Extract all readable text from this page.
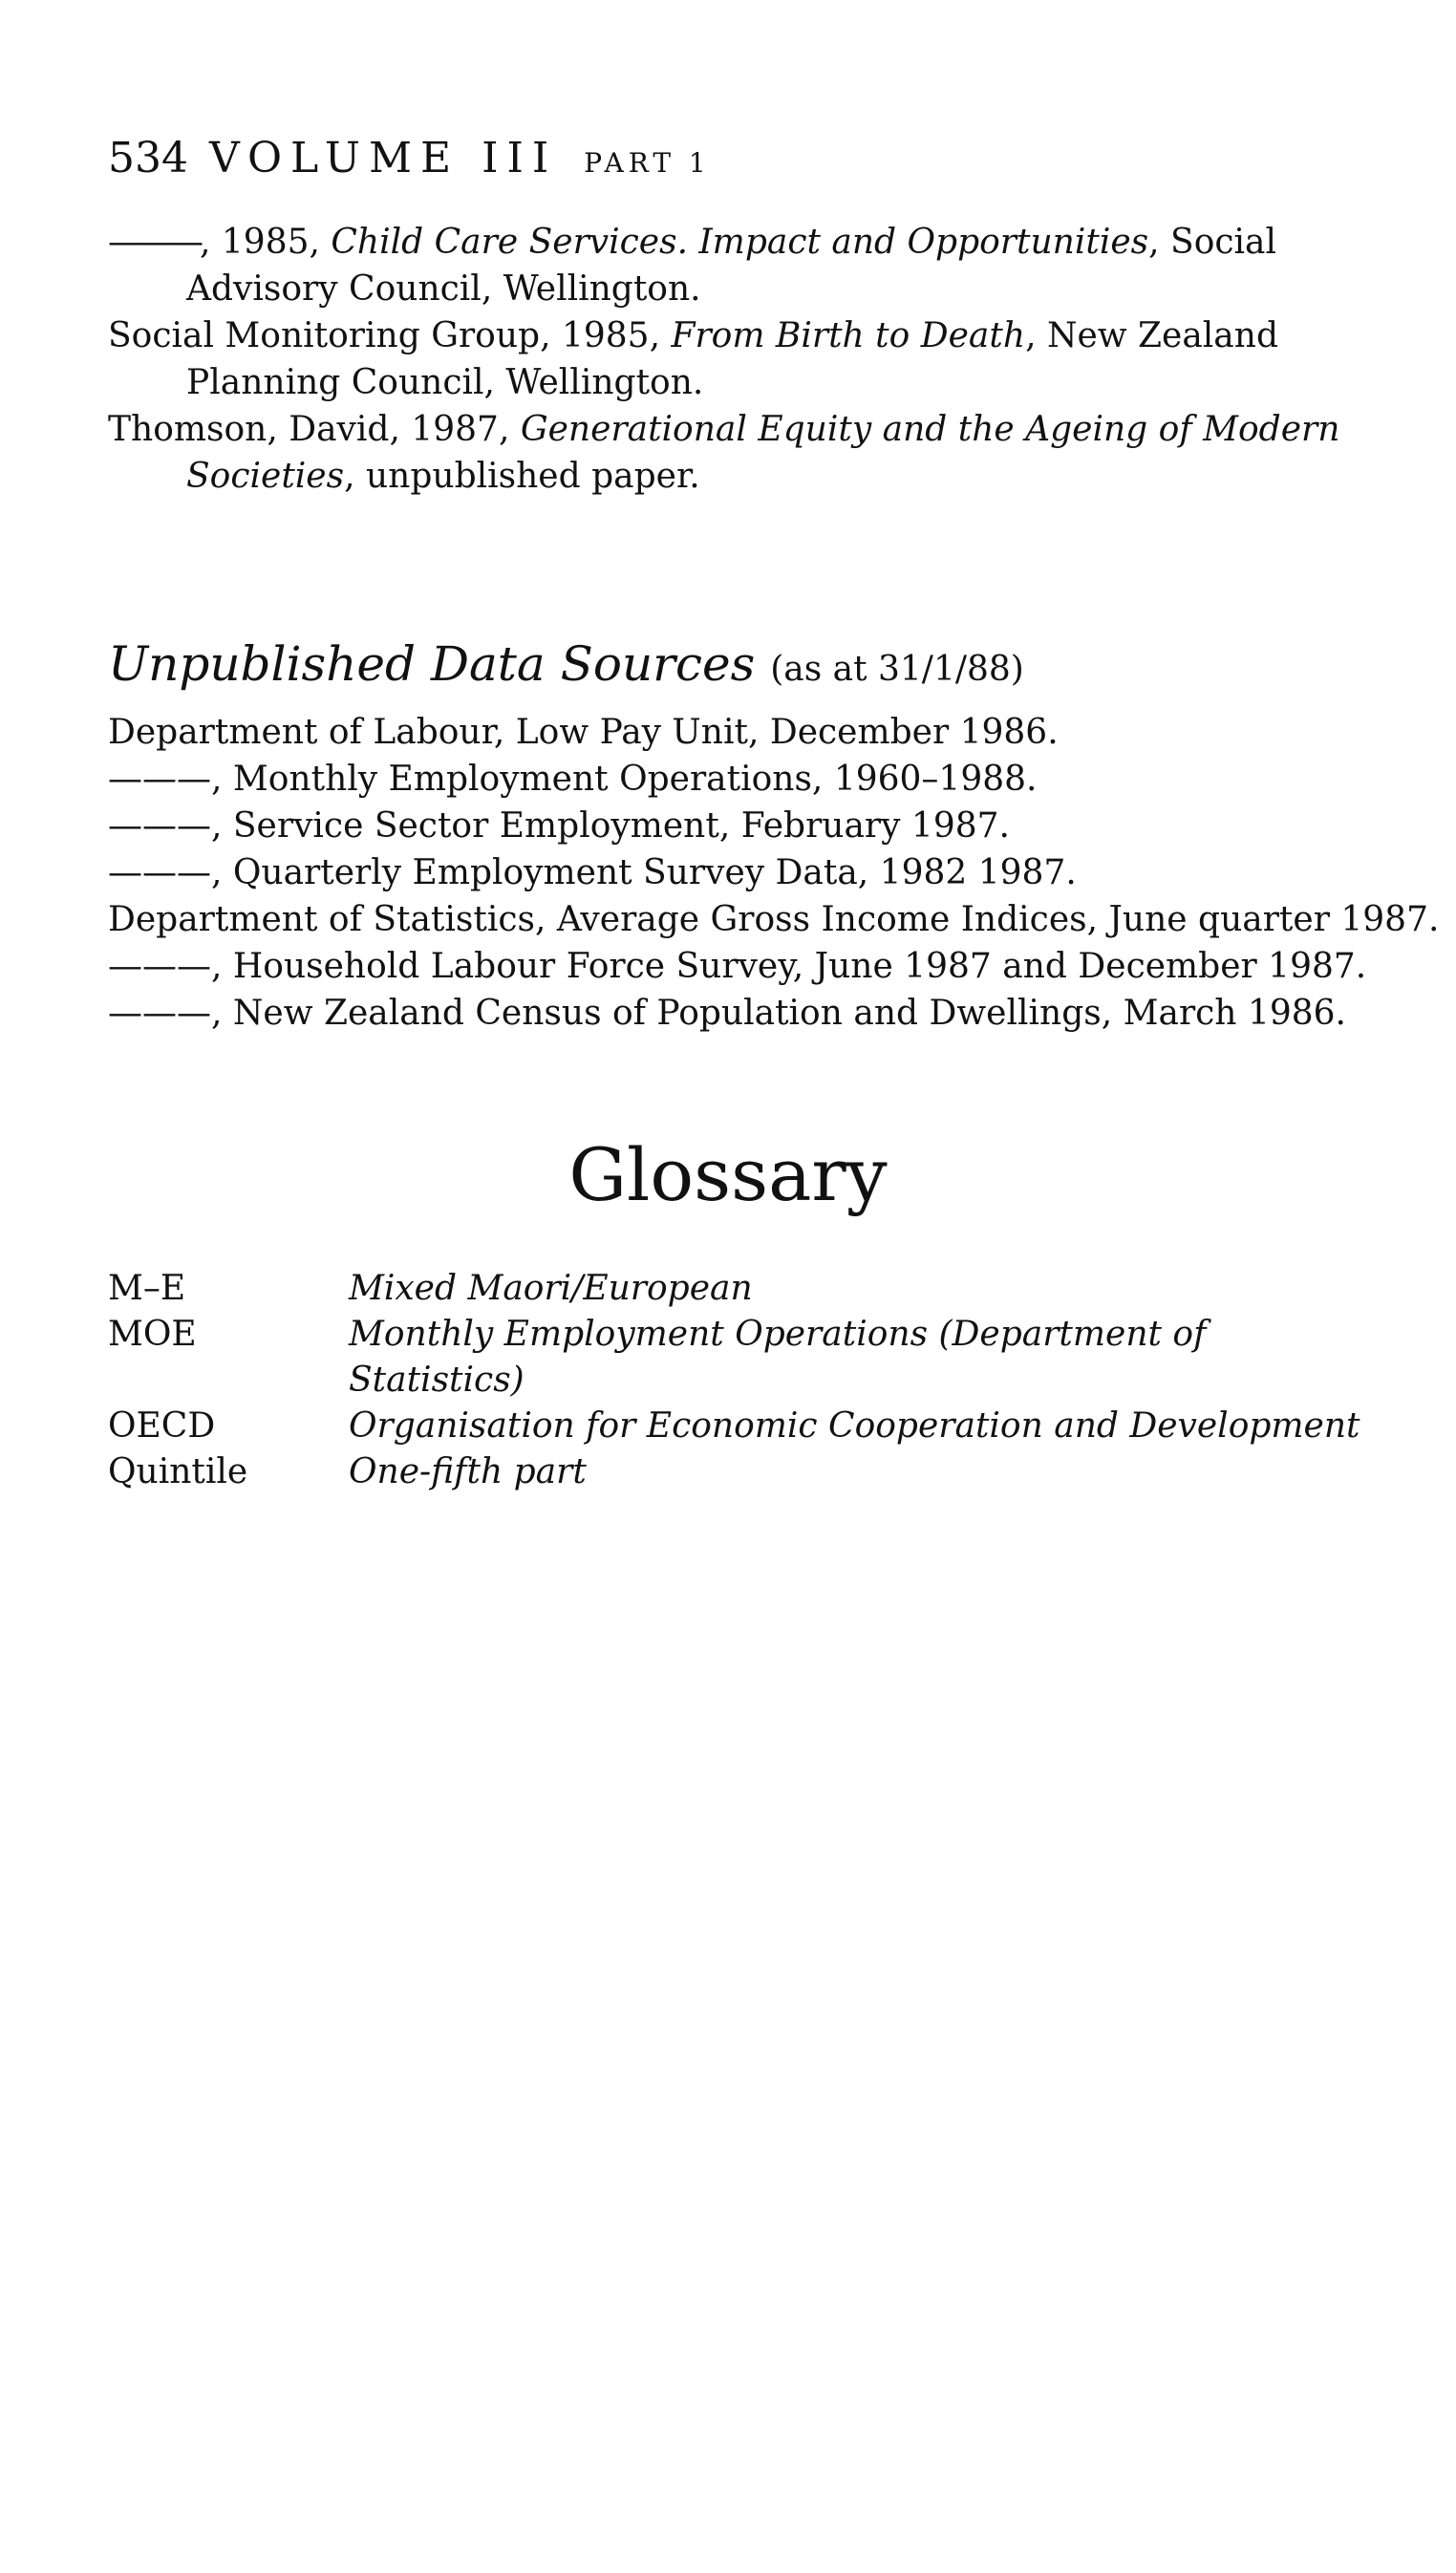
534 VOLUME III PART 1
———, 1985, Child Care Services. Impact and Opportunities, Social Advisory Council, Wellington.
Social Monitoring Group, 1985, From Birth to Death, New Zealand Planning Council, Wellington.
Thomson, David, 1987, Generational Equity and the Ageing of Modern Societies, unpublished paper.
Unpublished Data Sources (as at 31/1/88)
Department of Labour, Low Pay Unit, December 1986.
———, Monthly Employment Operations, 1960–1988.
———, Service Sector Employment, February 1987.
———, Quarterly Employment Survey Data, 1982 1987.
Department of Statistics, Average Gross Income Indices, June quarter 1987.
———, Household Labour Force Survey, June 1987 and December 1987.
———, New Zealand Census of Population and Dwellings, March 1986.
Glossary
M–E	Mixed Maori/European
MOE	Monthly Employment Operations (Department of Statistics)
OECD	Organisation for Economic Cooperation and Development
Quintile	One-fifth part
